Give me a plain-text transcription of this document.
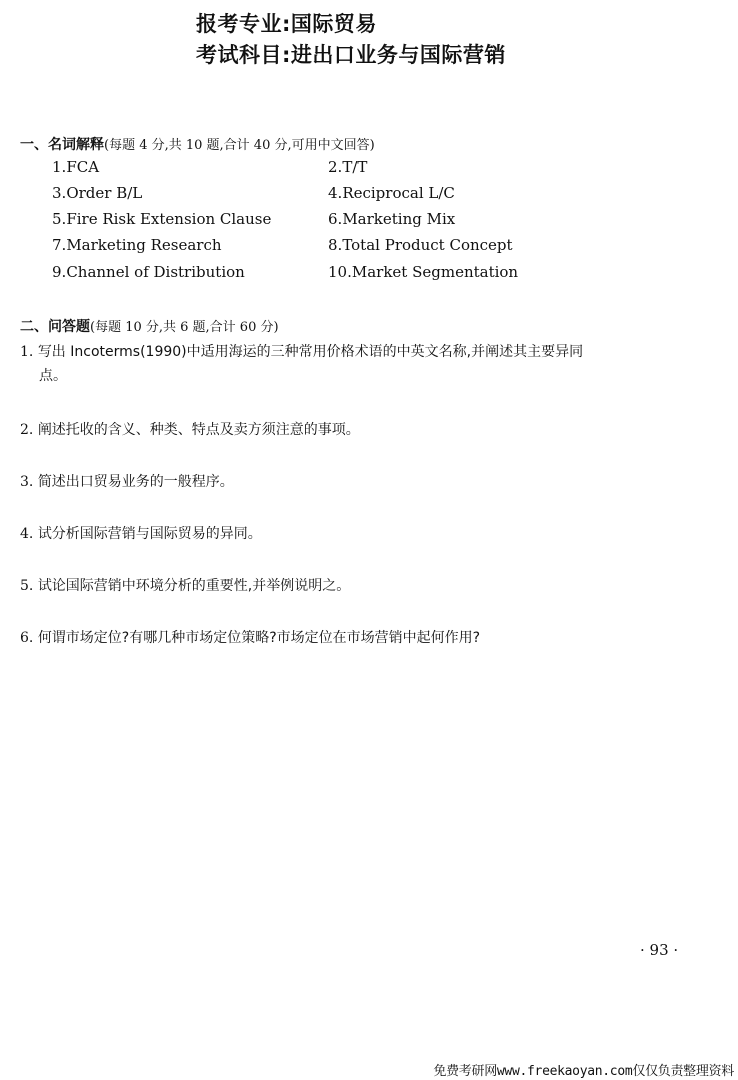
报考专业:国际贸易
考试科目:进出口业务与国际营销
一、名词解释(每题 4 分,共 10 题,合计 40 分,可用中文回答)
1.FCA	2.T/T
3.Order B/L	4.Reciprocal L/C
5.Fire Risk Extension Clause	6.Marketing Mix
7.Marketing Research	8.Total Product Concept
9.Channel of Distribution	10.Market Segmentation
二、问答题(每题 10 分,共 6 题,合计 60 分)
1. 写出 Incoterms(1990)中适用海运的三种常用价格术语的中英文名称,并阐述其主要异同
点。
2. 阐述托收的含义、种类、特点及卖方须注意的事项。
3. 简述出口贸易业务的一般程序。
4. 试分析国际营销与国际贸易的异同。
5. 试论国际营销中环境分析的重要性,并举例说明之。
6. 何谓市场定位?有哪几种市场定位策略?市场定位在市场营销中起何作用?
· 93 ·
免费考研网www.freekaoyan.com仅仅负责整理资料
